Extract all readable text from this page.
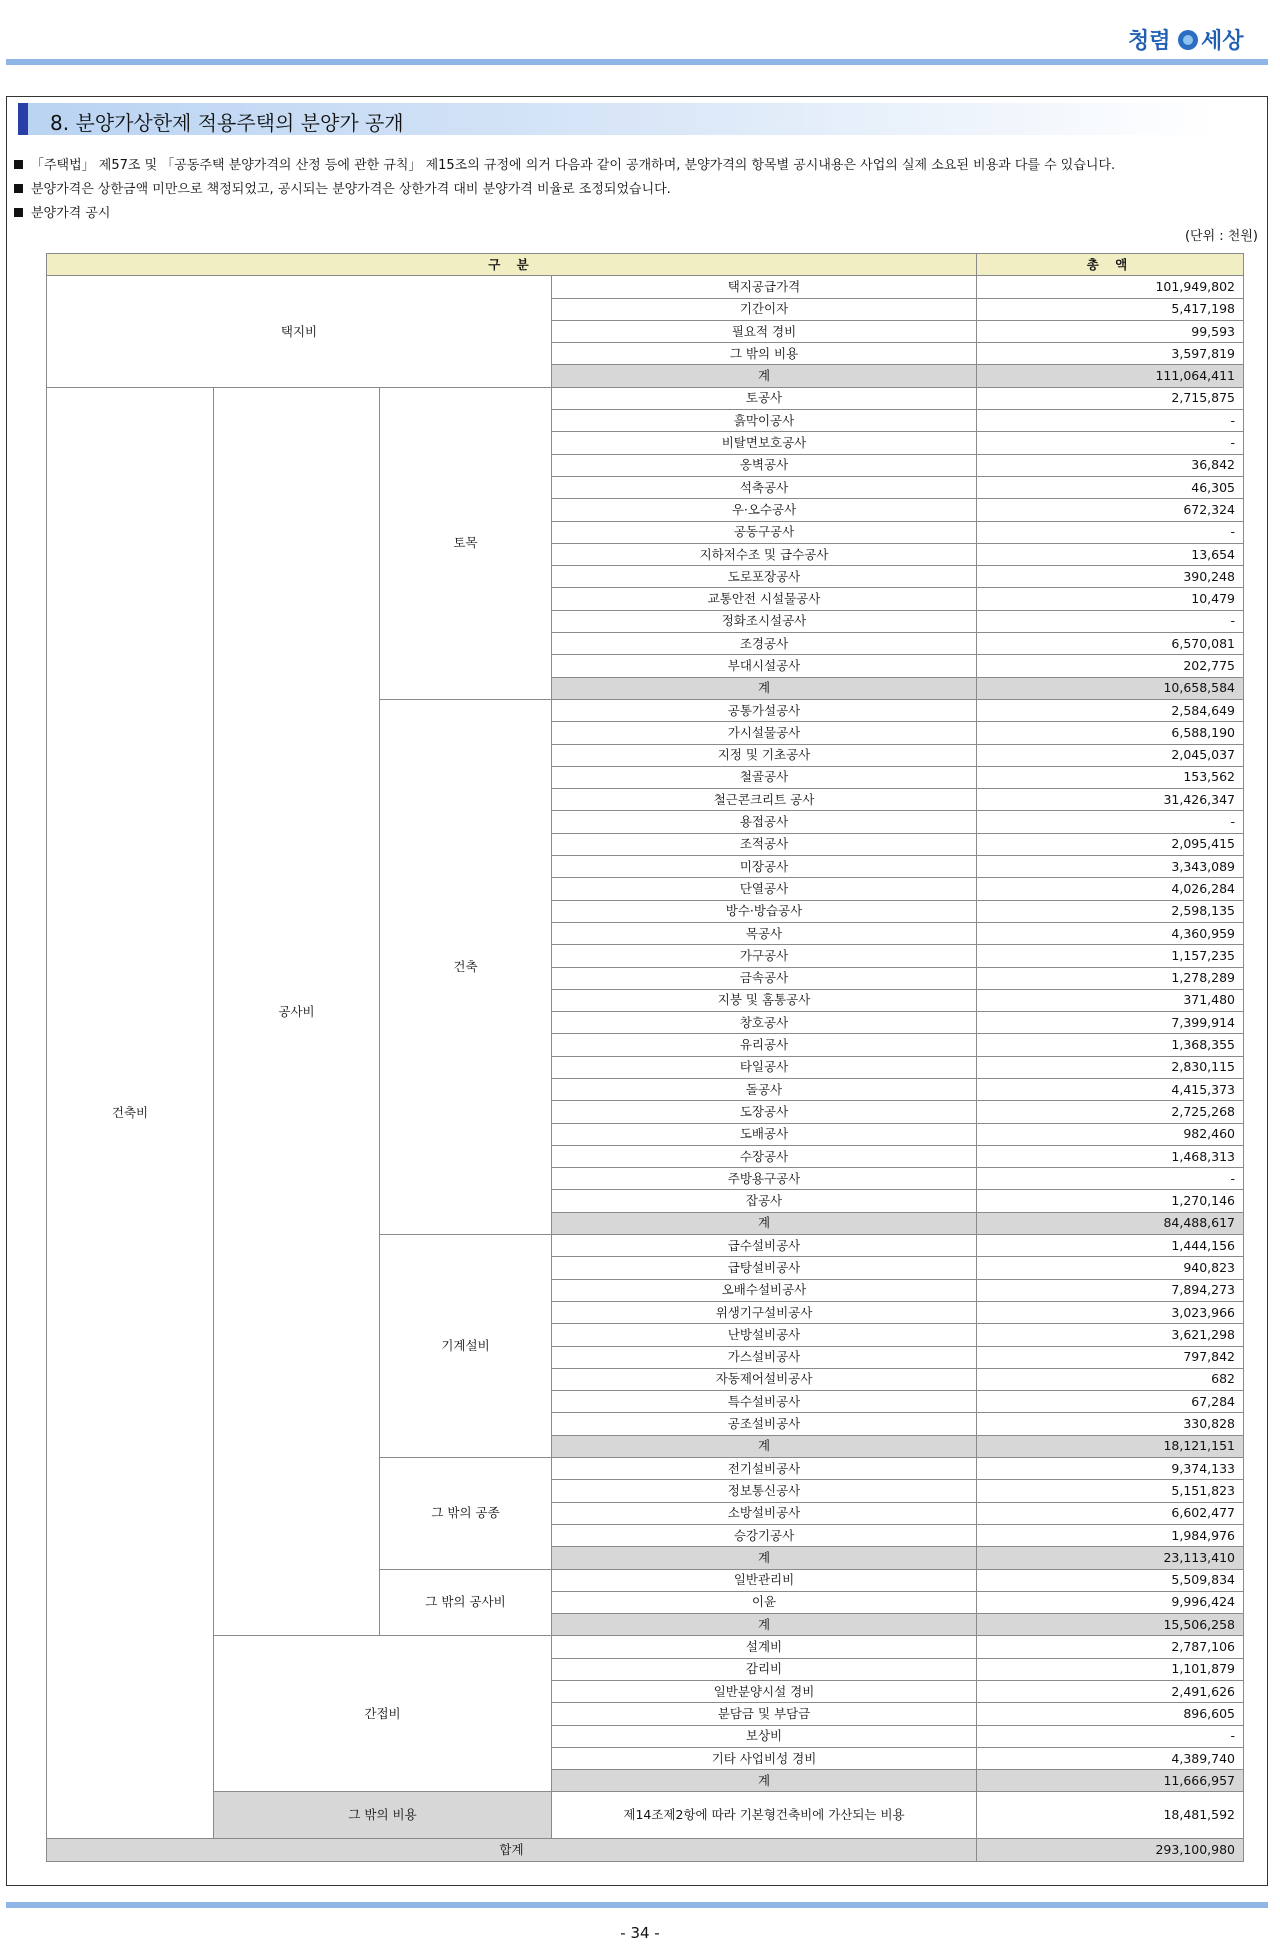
청렴 세상
8. 분양가상한제 적용주택의 분양가 공개
「주택법」 제57조 및 「공동주택 분양가격의 산정 등에 관한 규칙」 제15조의 규정에 의거 다음과 같이 공개하며, 분양가격의 항목별 공시내용은 사업의 실제 소요된 비용과 다를 수 있습니다.
분양가격은 상한금액 미만으로 책정되었고, 공시되는 분양가격은 상한가격 대비 분양가격 비율로 조정되었습니다.
분양가격 공시
(단위 : 천원)
구 분				총 액
택지비			택지공급가격	101,949,802
			기간이자	5,417,198
			필요적 경비	99,593
			그 밖의 비용	3,597,819
			계	111,064,411
건축비	공사비	토목	토공사	2,715,875
			흙막이공사	-
			비탈면보호공사	-
			옹벽공사	36,842
			석축공사	46,305
			우·오수공사	672,324
			공동구공사	-
			지하저수조 및 급수공사	13,654
			도로포장공사	390,248
			교통안전 시설물공사	10,479
			정화조시설공사	-
			조경공사	6,570,081
			부대시설공사	202,775
			계	10,658,584
		건축	공통가설공사	2,584,649
			가시설물공사	6,588,190
			지정 및 기초공사	2,045,037
			철골공사	153,562
			철근콘크리트 공사	31,426,347
			용접공사	-
			조적공사	2,095,415
			미장공사	3,343,089
			단열공사	4,026,284
			방수·방습공사	2,598,135
			목공사	4,360,959
			가구공사	1,157,235
			금속공사	1,278,289
			지붕 및 홈통공사	371,480
			창호공사	7,399,914
			유리공사	1,368,355
			타일공사	2,830,115
			돌공사	4,415,373
			도장공사	2,725,268
			도배공사	982,460
			수장공사	1,468,313
			주방용구공사	-
			잡공사	1,270,146
			계	84,488,617
		기계설비	급수설비공사	1,444,156
			급탕설비공사	940,823
			오배수설비공사	7,894,273
			위생기구설비공사	3,023,966
			난방설비공사	3,621,298
			가스설비공사	797,842
			자동제어설비공사	682
			특수설비공사	67,284
			공조설비공사	330,828
			계	18,121,151
		그 밖의 공종	전기설비공사	9,374,133
			정보통신공사	5,151,823
			소방설비공사	6,602,477
			승강기공사	1,984,976
			계	23,113,410
		그 밖의 공사비	일반관리비	5,509,834
			이윤	9,996,424
			계	15,506,258
	간접비		설계비	2,787,106
			감리비	1,101,879
			일반분양시설 경비	2,491,626
			분담금 및 부담금	896,605
			보상비	-
			기타 사업비성 경비	4,389,740
			계	11,666,957
	그 밖의 비용		제14조제2항에 따라 기본형건축비에 가산되는 비용	18,481,592
합계				293,100,980
- 34 -
